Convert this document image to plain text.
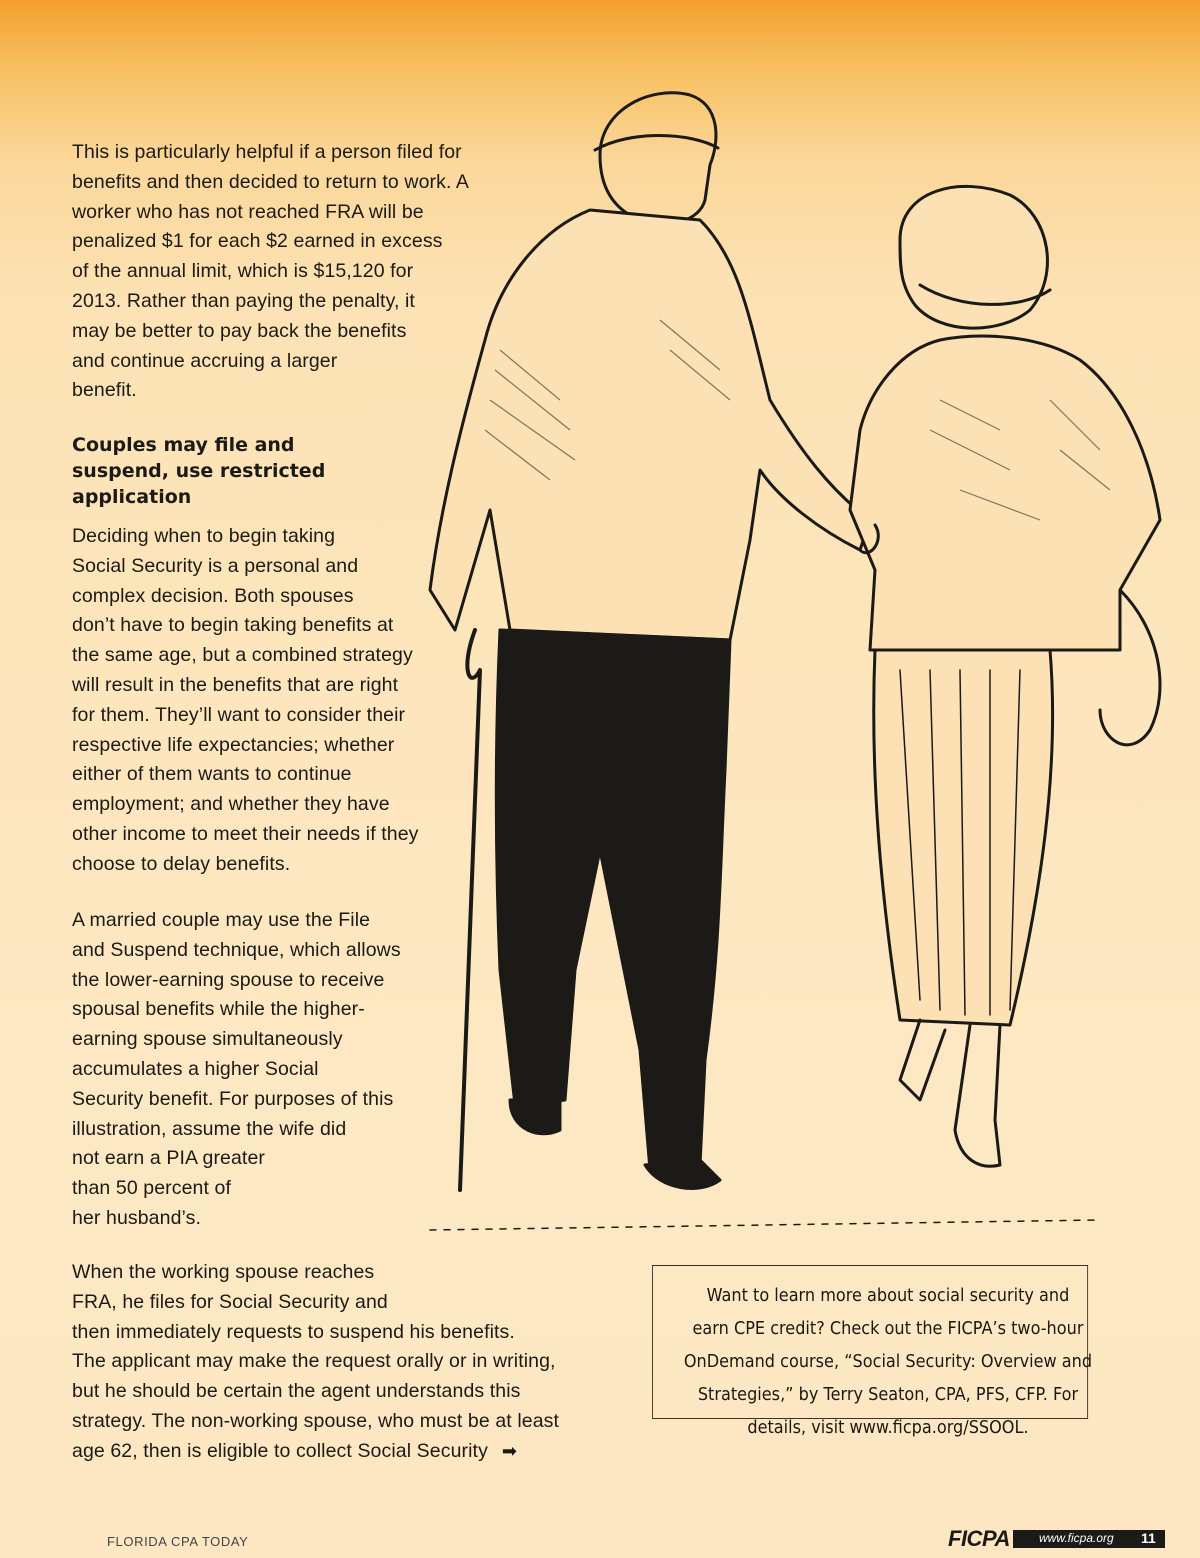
This is particularly helpful if a person filed for
benefits and then decided to return to work. A
worker who has not reached FRA will be
penalized $1 for each $2 earned in excess
of the annual limit, which is $15,120 for
2013. Rather than paying the penalty, it
may be better to pay back the benefits
and continue accruing a larger
benefit.

Couples may file and
suspend, use restricted
application

Deciding when to begin taking
Social Security is a personal and
complex decision. Both spouses
don’t have to begin taking benefits at
the same age, but a combined strategy
will result in the benefits that are right
for them. They’ll want to consider their
respective life expectancies; whether
either of them wants to continue
employment; and whether they have
other income to meet their needs if they
choose to delay benefits.

A married couple may use the File
and Suspend technique, which allows
the lower-earning spouse to receive
spousal benefits while the higher-
earning spouse simultaneously
accumulates a higher Social
Security benefit. For purposes of this
illustration, assume the wife did
not earn a PIA greater
than 50 percent of
her husband’s.

When the working spouse reaches
FRA, he files for Social Security and
then immediately requests to suspend his benefits.
The applicant may make the request orally or in writing,
but he should be certain the agent understands this
strategy. The non-working spouse, who must be at least
age 62, then is eligible to collect Social Security ➡

Want to learn more about social security and
earn CPE credit? Check out the FICPA’s two-hour
OnDemand course, “Social Security: Overview and
Strategies,” by Terry Seaton, CPA, PFS, CFP. For
details, visit www.ficpa.org/SSOOL.
FLORIDA CPA TODAY	FICPA www.ficpa.org 11
